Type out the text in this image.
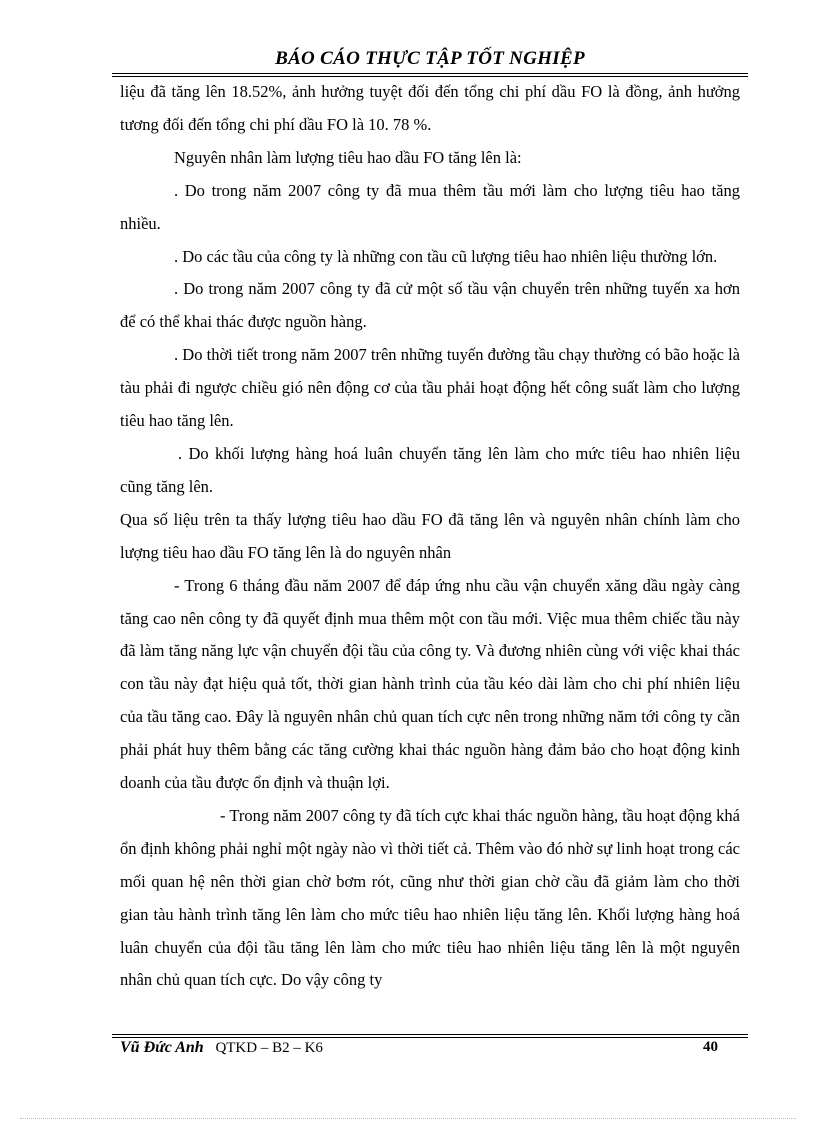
BÁO CÁO THỰC TẬP TỐT NGHIỆP

liệu đã tăng lên 18.52%, ảnh hưởng tuyệt đối đến tổng chi phí dầu FO là đồng, ảnh hưởng tương đối đến tổng chi phí dầu FO là 10. 78 %.

Nguyên nhân làm lượng tiêu hao dầu FO tăng lên là:

. Do trong năm 2007 công ty đã mua thêm tầu mới làm cho lượng tiêu hao tăng nhiều.

. Do các tầu của công ty là những con tầu cũ lượng tiêu hao nhiên liệu thường lớn.

. Do trong năm 2007 công ty đã cử một số tầu vận chuyển trên những tuyến xa hơn để có thể khai thác được nguồn hàng.

. Do thời tiết trong năm 2007 trên những tuyến đường tầu chạy thường có bão hoặc là tàu phải đi ngược chiều gió nên động cơ của tầu phải hoạt động hết công suất làm cho lượng tiêu hao tăng lên.

. Do khối lượng hàng hoá luân chuyển tăng lên làm cho mức tiêu hao nhiên liệu cũng tăng lên.

Qua số liệu trên ta thấy lượng tiêu hao dầu FO đã tăng lên và nguyên nhân chính làm cho lượng tiêu hao dầu FO tăng lên là do nguyên nhân

- Trong 6 tháng đầu năm 2007 để đáp ứng nhu cầu vận chuyển xăng dầu ngày càng tăng cao nên công ty đã quyết định mua thêm một con tầu mới. Việc mua thêm chiếc tầu này đã làm tăng năng lực vận chuyển đội tầu của công ty. Và đương nhiên cùng với việc khai thác con tầu này đạt hiệu quả tốt, thời gian hành trình của tầu kéo dài làm cho chi phí nhiên liệu của tầu tăng cao. Đây là nguyên nhân chủ quan tích cực nên trong những năm tới công ty cần phải phát huy thêm bằng các tăng cường khai thác nguồn hàng đảm bảo cho hoạt động kinh doanh của tầu được ổn định và thuận lợi.

- Trong năm 2007 công ty đã tích cực khai thác nguồn hàng, tầu hoạt động khá ổn định không phải nghỉ một ngày nào vì thời tiết cả. Thêm vào đó nhờ sự linh hoạt trong các mối quan hệ nên thời gian chờ bơm rót, cũng như thời gian chờ cầu đã giảm làm cho thời gian tàu hành trình tăng lên làm cho mức tiêu hao nhiên liệu tăng lên. Khối lượng hàng hoá luân chuyển của đội tầu tăng lên làm cho mức tiêu hao nhiên liệu tăng lên là một nguyên nhân chủ quan tích cực. Do vậy công ty

Vũ Đức Anh QTKD – B2 – K6	40
